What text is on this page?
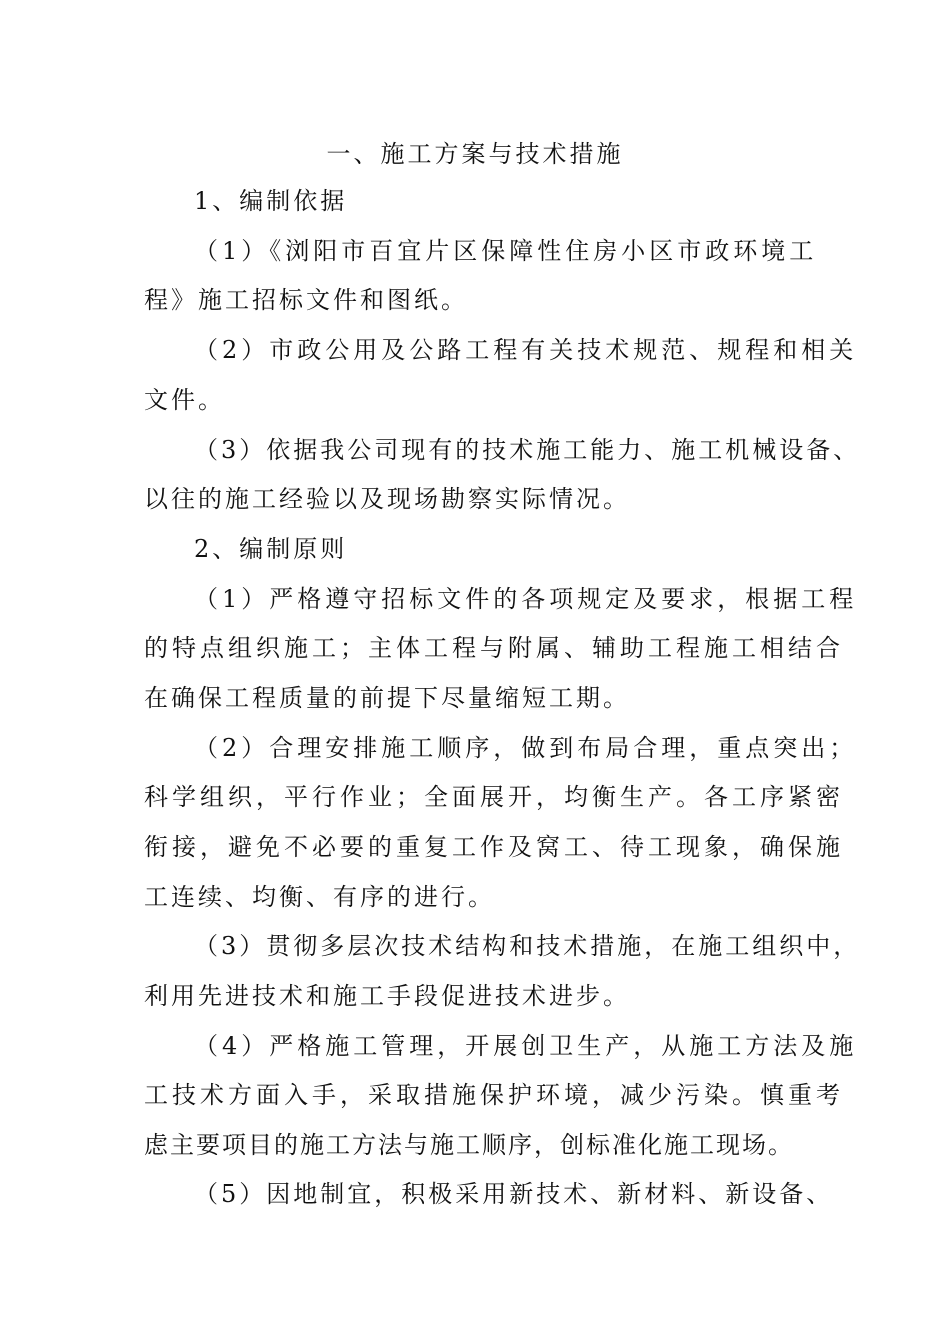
一、施工方案与技术措施
1、编制依据
（1）《浏阳市百宜片区保障性住房小区市政环境工
程》施工招标文件和图纸。
（2）市政公用及公路工程有关技术规范、规程和相关
文件。
（3）依据我公司现有的技术施工能力、施工机械设备、
以往的施工经验以及现场勘察实际情况。
2、编制原则
（1）严格遵守招标文件的各项规定及要求，根据工程
的特点组织施工；主体工程与附属、辅助工程施工相结合
在确保工程质量的前提下尽量缩短工期。
（2）合理安排施工顺序，做到布局合理，重点突出；
科学组织，平行作业；全面展开，均衡生产。各工序紧密
衔接，避免不必要的重复工作及窝工、待工现象，确保施
工连续、均衡、有序的进行。
（3）贯彻多层次技术结构和技术措施，在施工组织中，
利用先进技术和施工手段促进技术进步。
（4）严格施工管理，开展创卫生产，从施工方法及施
工技术方面入手，采取措施保护环境，减少污染。慎重考
虑主要项目的施工方法与施工顺序，创标准化施工现场。
（5）因地制宜，积极采用新技术、新材料、新设备、
